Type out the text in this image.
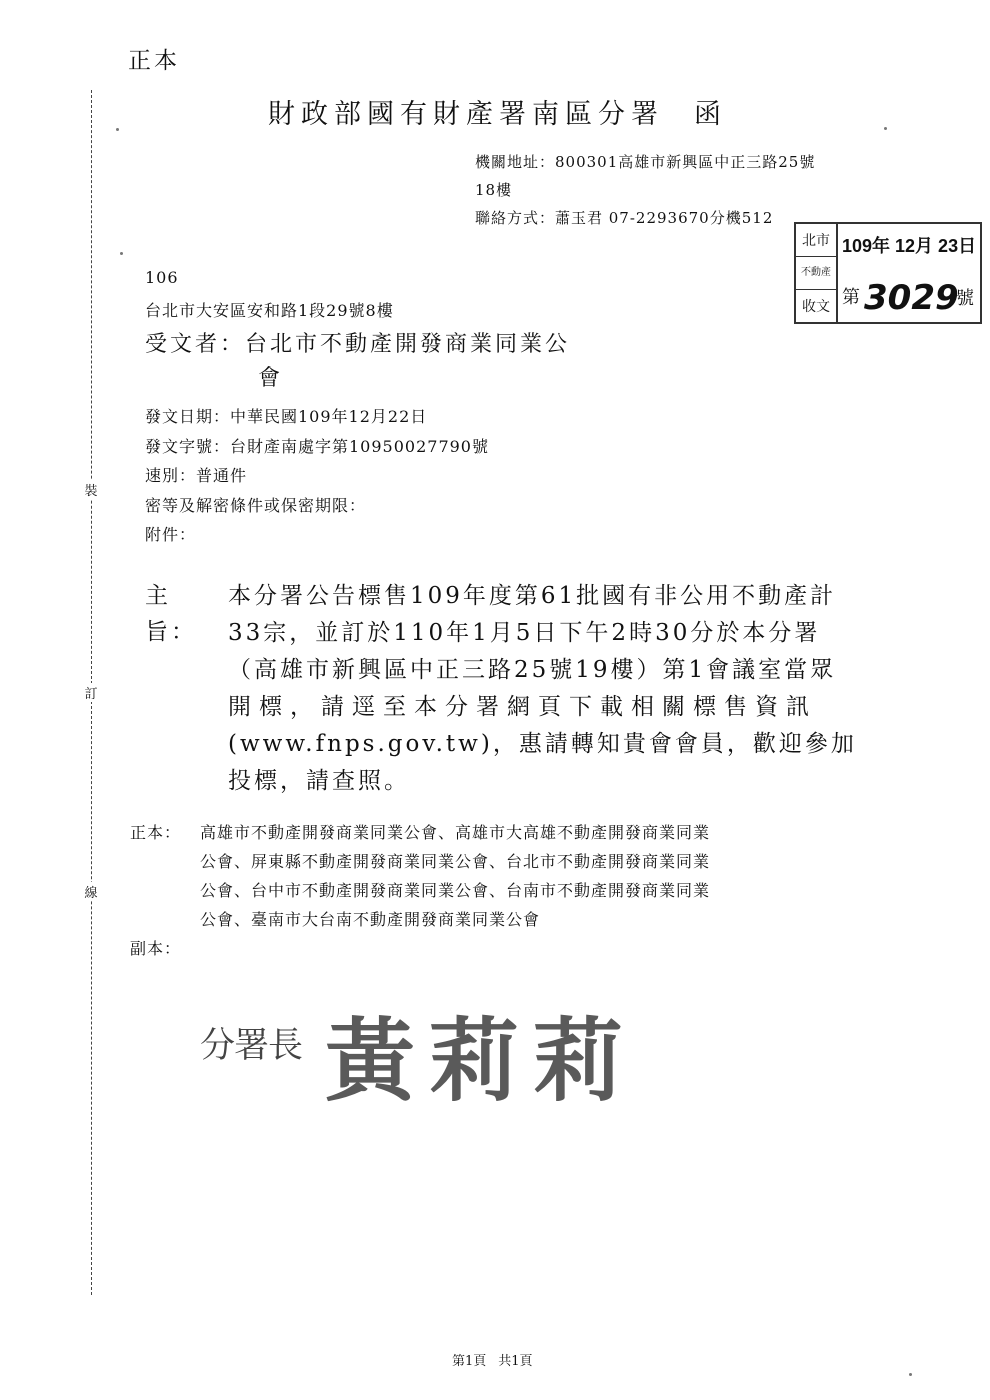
正本
財政部國有財產署南區分署 函
機關地址：800301高雄市新興區中正三路25號
18樓
聯絡方式：蕭玉君 07-2293670分機512
裝
訂
線
北市
不動產
收文
109年 12月 23日
第 3029
號
106
台北市大安區安和路1段29號8樓
受文者：台北市不動產開發商業同業公
會
發文日期：中華民國109年12月22日
發文字號：台財產南處字第10950027790號
速別：普通件
密等及解密條件或保密期限：
附件：
主旨：
本分署公告標售109年度第61批國有非公用不動產計
33宗，並訂於110年1月5日下午2時30分於本分署
（高雄市新興區中正三路25號19樓）第1會議室當眾
開標，請逕至本分署網頁下載相關標售資訊
(www.fnps.gov.tw)，惠請轉知貴會會員，歡迎參加
投標，請查照。
正本： 高雄市不動產開發商業同業公會、高雄市大高雄不動產開發商業同業
公會、屏東縣不動產開發商業同業公會、台北市不動產開發商業同業
公會、台中市不動產開發商業同業公會、台南市不動產開發商業同業
公會、臺南市大台南不動產開發商業同業公會
副本：
分署長 黃莉莉
第1頁 共1頁
